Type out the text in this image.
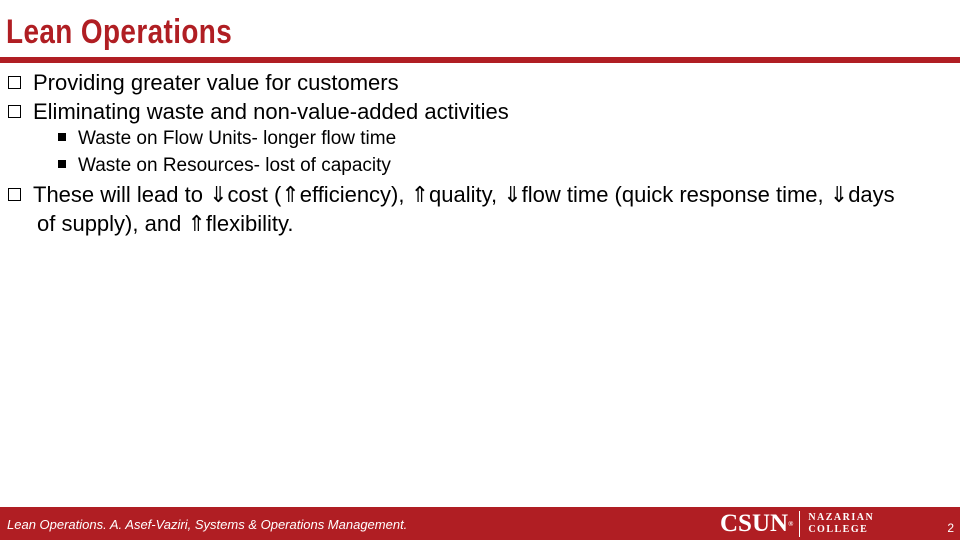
Lean Operations
Providing greater value for customers
Eliminating waste and non-value-added activities
Waste on Flow Units- longer flow time
Waste on Resources- lost of capacity
These will lead to ⇓cost (⇑efficiency), ⇑quality, ⇓flow time (quick response time, ⇓days
of supply), and ⇑flexibility.
Lean Operations. A. Asef-Vaziri, Systems & Operations Management.	CSUN®
NAZARIAN
COLLEGE	2
